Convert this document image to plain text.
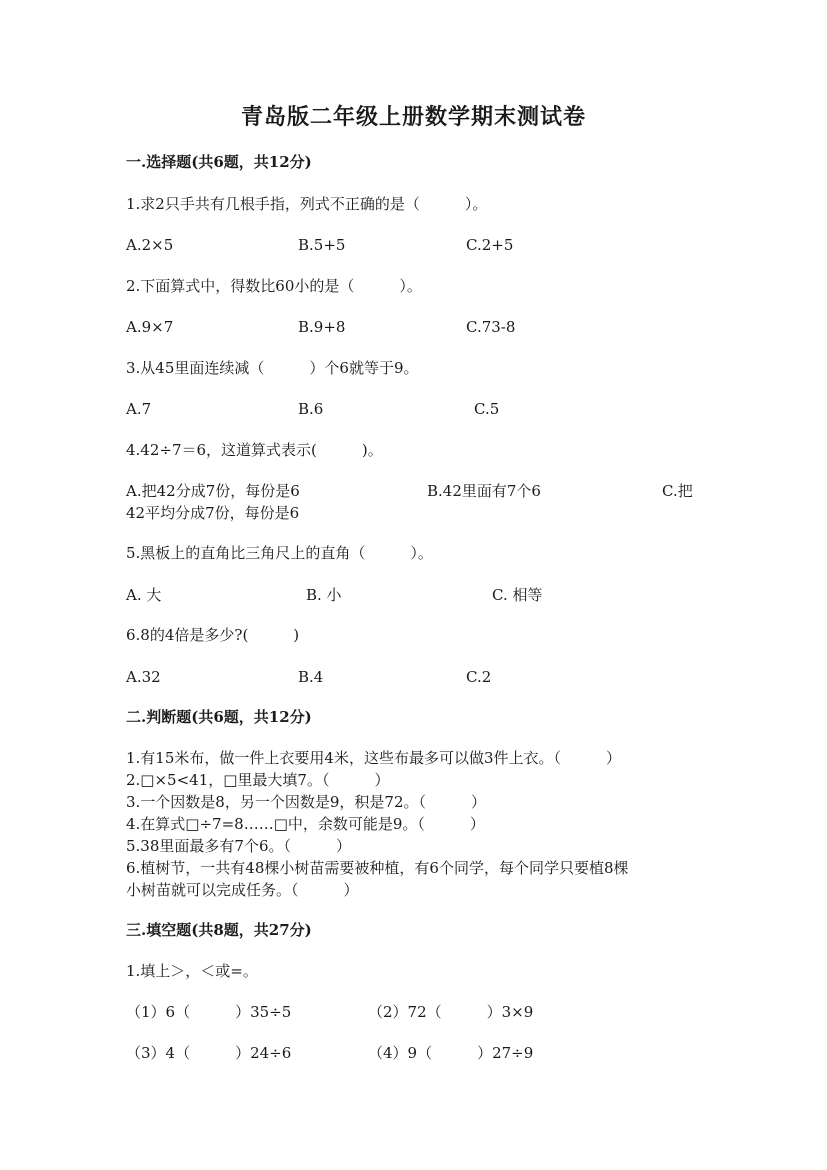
青岛版二年级上册数学期末测试卷
一.选择题(共6题，共12分)
1.求2只手共有几根手指，列式不正确的是（　　　）。
A.2×5	B.5+5	C.2+5
2.下面算式中，得数比60小的是（　　　）。
A.9×7	B.9+8	C.73-8
3.从45里面连续减（　　　）个6就等于9。
A.7	B.6	C.5
4.42÷7＝6，这道算式表示(　　　)。
A.把42分成7份，每份是6	B.42里面有7个6	C.把
42平均分成7份，每份是6
5.黑板上的直角比三角尺上的直角（　　　）。
A. 大	B. 小	C. 相等
6.8的4倍是多少?(　　　)
A.32	B.4	C.2
二.判断题(共6题，共12分)
1.有15米布，做一件上衣要用4米，这些布最多可以做3件上衣。（　　　）
2.□×5<41，□里最大填7。（　　　）
3.一个因数是8，另一个因数是9，积是72。（　　　）
4.在算式□÷7=8……□中，余数可能是9。（　　　）
5.38里面最多有7个6。（　　　）
6.植树节，一共有48棵小树苗需要被种植，有6个同学，每个同学只要植8棵
小树苗就可以完成任务。（　　　）
三.填空题(共8题，共27分)
1.填上＞，＜或=。
（1）6（　　　）35÷5	（2）72（　　　）3×9
（3）4（　　　）24÷6	（4）9（　　　）27÷9
